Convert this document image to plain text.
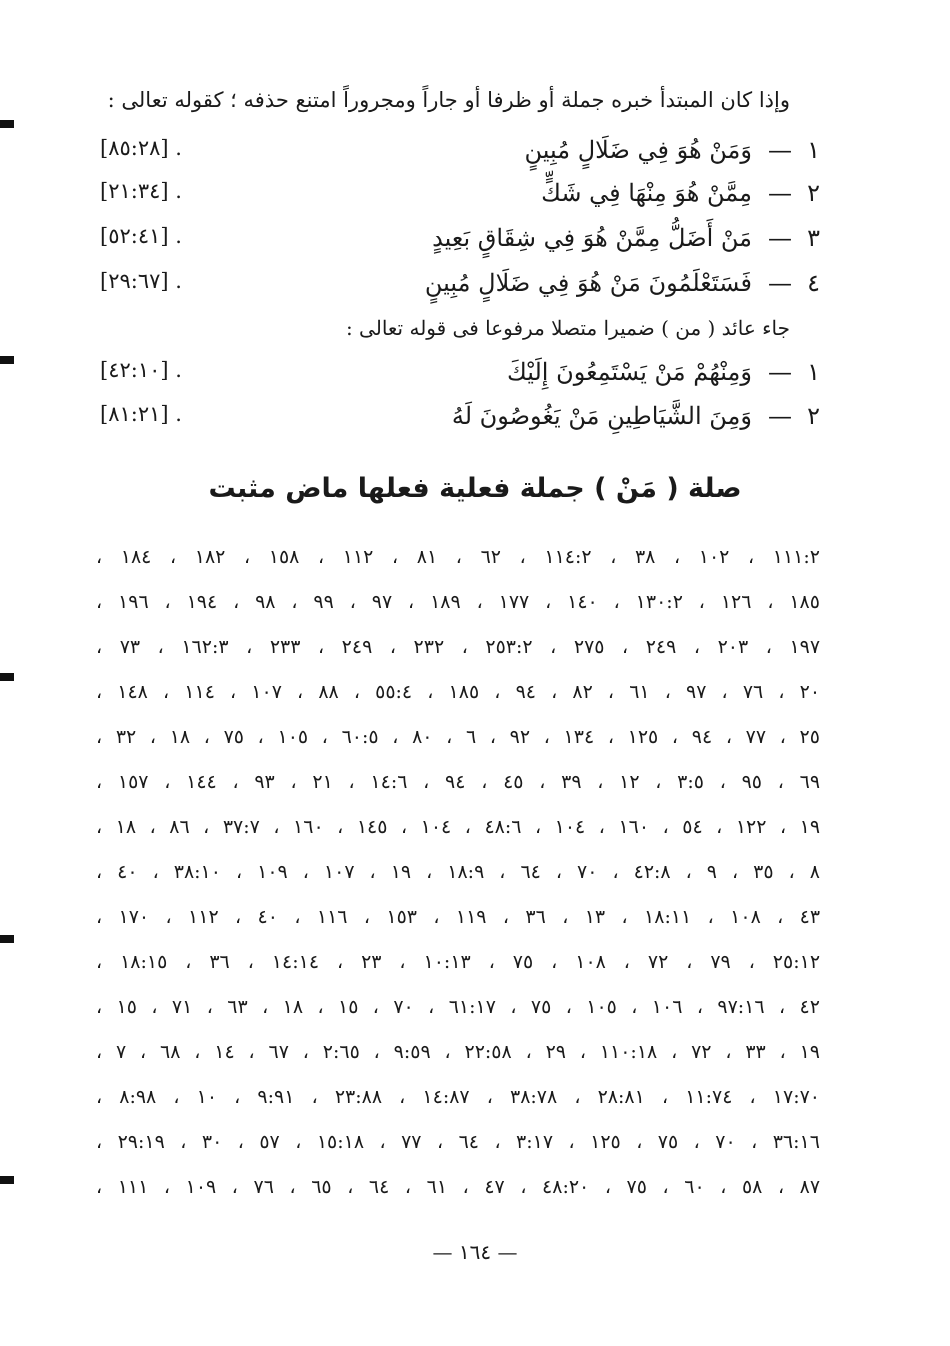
وإذا كان المبتدأ خبره جملة أو ظرفا أو جاراً ومجروراً امتنع حذفه ؛ كقوله تعالى :
١
—
وَمَنْ هُوَ فِي ضَلَالٍ مُبِينٍ
[٨٥:٢٨] .
٢
—
مِمَّنْ هُوَ مِنْهَا فِي شَكٍّ
[٢١:٣٤] .
٣
—
مَنْ أَضَلُّ مِمَّنْ هُوَ فِي شِقَاقٍ بَعِيدٍ
[٥٢:٤١] .
٤
—
فَسَتَعْلَمُونَ مَنْ هُوَ فِي ضَلَالٍ مُبِينٍ
[٢٩:٦٧] .
جاء عائد ( من ) ضميرا متصلا مرفوعا فى قوله تعالى :
١
—
وَمِنْهُمْ مَنْ يَسْتَمِعُونَ إِلَيْكَ
[٤٢:١٠] .
٢
—
وَمِنَ الشَّيَاطِينِ مَنْ يَغُوصُونَ لَهُ
[٨١:٢١] .
صلة ( مَنْ ) جملة فعلية فعلها ماض مثبت
١١١:٢ ، ١٠٢ ، ٣٨ ، ١١٤:٢ ، ٦٢ ، ٨١ ، ١١٢ ، ١٥٨ ، ١٨٢ ، ١٨٤ ،
١٨٥ ، ١٢٦ ، ١٣٠:٢ ، ١٤٠ ، ١٧٧ ، ١٨٩ ، ٩٧ ، ٩٩ ، ٩٨ ، ١٩٤ ، ١٩٦ ،
١٩٧ ، ٢٠٣ ، ٢٤٩ ، ٢٧٥ ، ٢٥٣:٢ ، ٢٣٢ ، ٢٤٩ ، ٢٣٣ ، ١٦٢:٣ ، ٧٣ ،
٢٠ ، ٧٦ ، ٩٧ ، ٦١ ، ٨٢ ، ٩٤ ، ١٨٥ ، ٥٥:٤ ، ٨٨ ، ١٠٧ ، ١١٤ ، ١٤٨ ،
٢٥ ، ٧٧ ، ٩٤ ، ١٢٥ ، ١٣٤ ، ٩٢ ، ٦ ، ٨٠ ، ٦٠:٥ ، ١٠٥ ، ٧٥ ، ١٨ ، ٣٢ ،
٦٩ ، ٩٥ ، ٣:٥ ، ١٢ ، ٣٩ ، ٤٥ ، ٩٤ ، ١٤:٦ ، ٢١ ، ٩٣ ، ١٤٤ ، ١٥٧ ،
١٩ ، ١٢٢ ، ٥٤ ، ١٦٠ ، ١٠٤ ، ٤٨:٦ ، ١٠٤ ، ١٤٥ ، ١٦٠ ، ٣٧:٧ ، ٨٦ ، ١٨ ،
٨ ، ٣٥ ، ٩ ، ٤٢:٨ ، ٧٠ ، ٦٤ ، ١٨:٩ ، ١٩ ، ١٠٧ ، ١٠٩ ، ٣٨:١٠ ، ٤٠ ،
٤٣ ، ١٠٨ ، ١٨:١١ ، ١٣ ، ٣٦ ، ١١٩ ، ١٥٣ ، ١١٦ ، ٤٠ ، ١١٢ ، ١٧٠ ،
٢٥:١٢ ، ٧٩ ، ٧٢ ، ١٠٨ ، ٧٥ ، ١٠:١٣ ، ٢٣ ، ١٤:١٤ ، ٣٦ ، ١٨:١٥ ،
٤٢ ، ٩٧:١٦ ، ١٠٦ ، ١٠٥ ، ٧٥ ، ٦١:١٧ ، ٧٠ ، ١٥ ، ١٨ ، ٦٣ ، ٧١ ، ١٥ ،
١٩ ، ٣٣ ، ٧٢ ، ١١٠:١٨ ، ٢٩ ، ٢٢:٥٨ ، ٩:٥٩ ، ٢:٦٥ ، ٦٧ ، ١٤ ، ٦٨ ، ٧ ،
١٧:٧٠ ، ١١:٧٤ ، ٢٨:٨١ ، ٣٨:٧٨ ، ١٤:٨٧ ، ٢٣:٨٨ ، ٩:٩١ ، ١٠ ، ٨:٩٨ ،
٣٦:١٦ ، ٧٠ ، ٧٥ ، ١٢٥ ، ٣:١٧ ، ٦٤ ، ٧٧ ، ١٥:١٨ ، ٥٧ ، ٣٠ ، ٢٩:١٩ ،
٨٧ ، ٥٨ ، ٦٠ ، ٧٥ ، ٤٨:٢٠ ، ٤٧ ، ٦١ ، ٦٤ ، ٦٥ ، ٧٦ ، ١٠٩ ، ١١١ ،
— ١٦٤ —
